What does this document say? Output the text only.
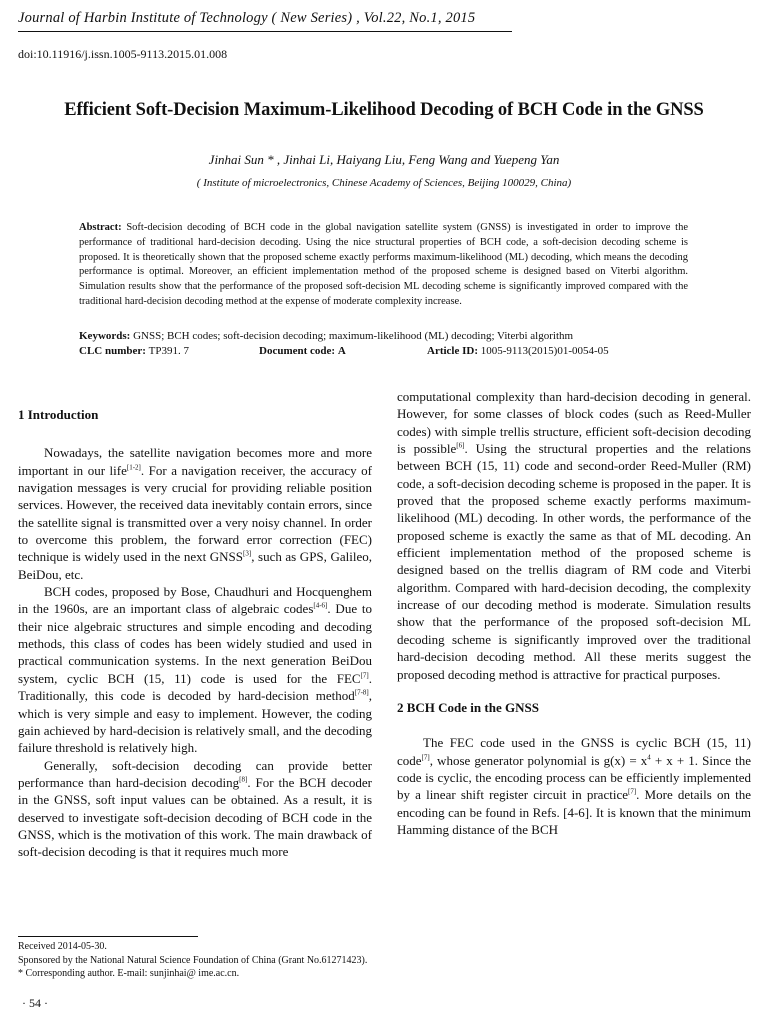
Journal of Harbin Institute of Technology ( New Series) , Vol.22, No.1, 2015
doi:10.11916/j.issn.1005-9113.2015.01.008
Efficient Soft-Decision Maximum-Likelihood Decoding of BCH Code in the GNSS
Jinhai Sun * , Jinhai Li, Haiyang Liu, Feng Wang and Yuepeng Yan
( Institute of microelectronics, Chinese Academy of Sciences, Beijing 100029, China)
Abstract: Soft-decision decoding of BCH code in the global navigation satellite system (GNSS) is investigated in order to improve the performance of traditional hard-decision decoding. Using the nice structural properties of BCH code, a soft-decision decoding scheme is proposed. It is theoretically shown that the proposed scheme exactly performs maximum-likelihood (ML) decoding, which means the decoding performance is optimal. Moreover, an efficient implementation method of the proposed scheme is designed based on Viterbi algorithm. Simulation results show that the performance of the proposed soft-decision ML decoding scheme is significantly improved compared with the traditional hard-decision decoding method at the expense of moderate complexity increase.
Keywords: GNSS; BCH codes; soft-decision decoding; maximum-likelihood (ML) decoding; Viterbi algorithm
CLC number: TP391. 7	Document code: A	Article ID: 1005-9113(2015)01-0054-05
1 Introduction

Nowadays, the satellite navigation becomes more and more important in our life[1-2]. For a navigation receiver, the accuracy of navigation messages is very crucial for providing reliable position services. However, the received data inevitably contain errors, since the satellite signal is transmitted over a very noisy channel. In order to overcome this problem, the forward error correction (FEC) technique is widely used in the next GNSS[3], such as GPS, Galileo, BeiDou, etc.

BCH codes, proposed by Bose, Chaudhuri and Hocquenghem in the 1960s, are an important class of algebraic codes[4-6]. Due to their nice algebraic structures and simple encoding and decoding methods, this class of codes has been widely studied and used in practical communication systems. In the next generation BeiDou system, cyclic BCH (15, 11) code is used for the FEC[7]. Traditionally, this code is decoded by hard-decision method[7-8], which is very simple and easy to implement. However, the coding gain achieved by hard-decision is relatively small, and the decoding failure threshold is relatively high.

Generally, soft-decision decoding can provide better performance than hard-decision decoding[8]. For the BCH decoder in the GNSS, soft input values can be obtained. As a result, it is deserved to investigate soft-decision decoding of BCH code in the GNSS, which is the motivation of this work. The main drawback of soft-decision decoding is that it requires much more

computational complexity than hard-decision decoding in general. However, for some classes of block codes (such as Reed-Muller codes) with simple trellis structure, efficient soft-decision decoding is possible[6]. Using the structural properties and the relations between BCH (15, 11) code and second-order Reed-Muller (RM) code, a soft-decision decoding scheme is proposed in the paper. It is proved that the proposed scheme exactly performs maximum-likelihood (ML) decoding. In other words, the performance of the proposed scheme is exactly the same as that of ML decoding. An efficient implementation method of the proposed scheme is designed based on the trellis diagram of RM code and Viterbi algorithm. Compared with hard-decision decoding, the complexity increase of our decoding method is moderate. Simulation results show that the performance of the proposed soft-decision ML decoding scheme is significantly improved over the traditional hard-decision decoding method. All these merits suggest the proposed decoding method is attractive for practical purposes.

2 BCH Code in the GNSS

The FEC code used in the GNSS is cyclic BCH (15, 11) code[7], whose generator polynomial is $g(x) = x^4 + x + 1$. Since the code is cyclic, the encoding process can be efficiently implemented by a linear shift register circuit in practice[7]. More details on the encoding can be found in Refs. [4-6]. It is known that the minimum Hamming distance of the BCH

Received 2014-05-30.
Sponsored by the National Natural Science Foundation of China (Grant No.61271423).
* Corresponding author. E-mail: sunjinhai@ ime.ac.cn.
· 54 ·
